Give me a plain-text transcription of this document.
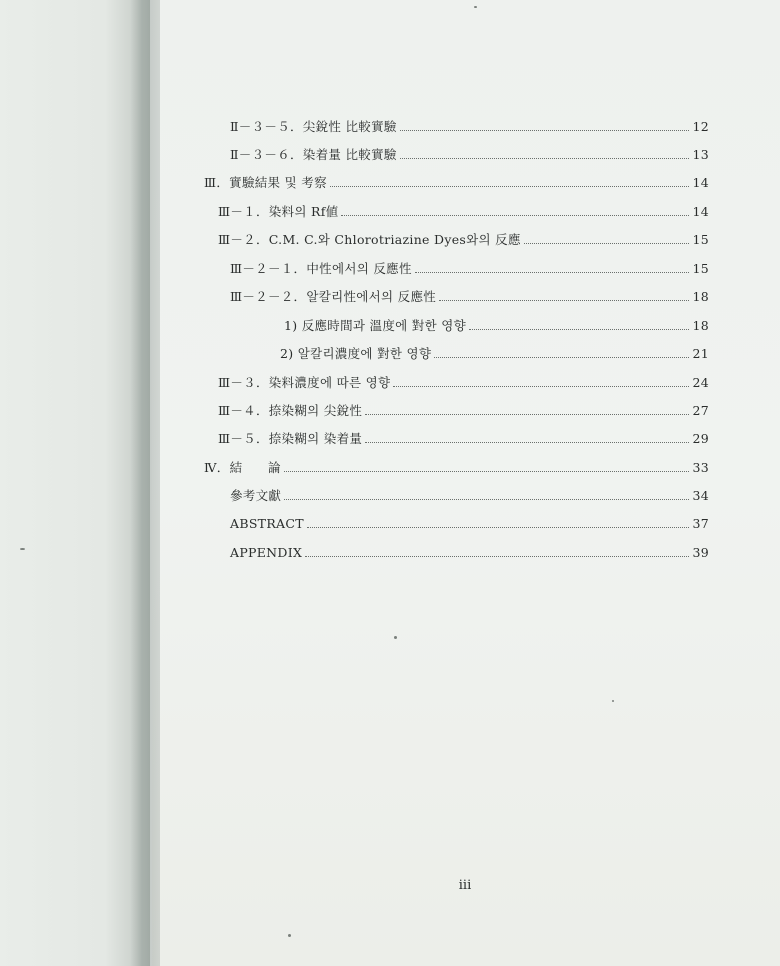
Ⅱ－３－５．尖銳性 比較實驗	12
Ⅱ－３－６．染着量 比較實驗	13
Ⅲ．實驗結果 및 考察	14
Ⅲ－１．染料의 Rf値	14
Ⅲ－２．C.M. C.와 Chlorotriazine Dyes와의 反應	15
Ⅲ－２－１．中性에서의 反應性	15
Ⅲ－２－２．알칼리性에서의 反應性	18
1) 反應時間과 溫度에 對한 영향	18
2) 알칼리濃度에 對한 영향	21
Ⅲ－３．染料濃度에 따른 영향	24
Ⅲ－４．捺染糊의 尖銳性	27
Ⅲ－５．捺染糊의 染着量	29
Ⅳ．結　　論	33
參考文獻	34
ABSTRACT	37
APPENDIX	39
iii
